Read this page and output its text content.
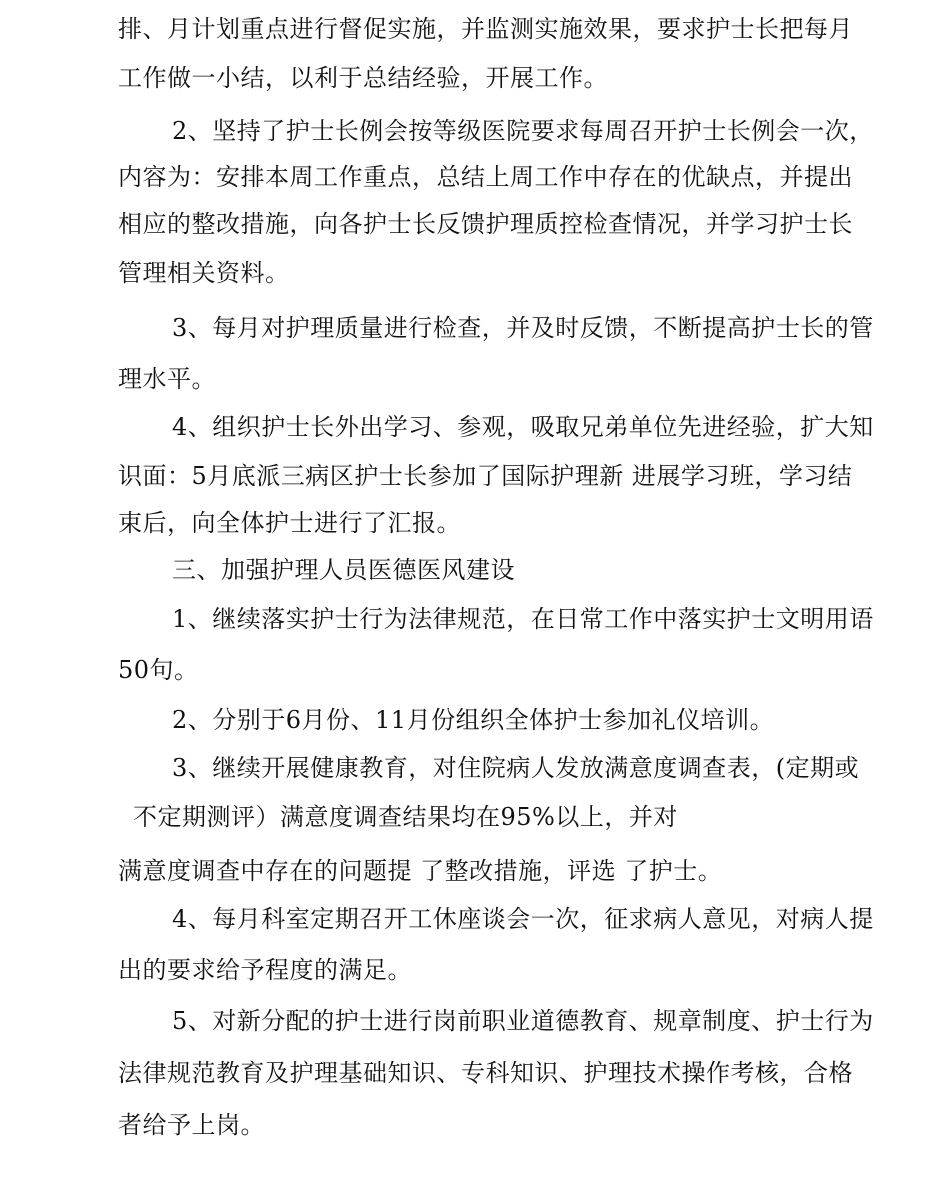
排、月计划重点进行督促实施，并监测实施效果，要求护士长把每月
工作做一小结，以利于总结经验，开展工作。
2、坚持了护士长例会按等级医院要求每周召开护士长例会一次，
内容为：安排本周工作重点，总结上周工作中存在的优缺点，并提出
相应的整改措施，向各护士长反馈护理质控检查情况，并学习护士长
管理相关资料。
3、每月对护理质量进行检查，并及时反馈，不断提高护士长的管
理水平。
4、组织护士长外出学习、参观，吸取兄弟单位先进经验，扩大知
识面：5月底派三病区护士长参加了国际护理新 进展学习班，学习结
束后，向全体护士进行了汇报。
三、加强护理人员医德医风建设
1、继续落实护士行为法律规范，在日常工作中落实护士文明用语
50句。
2、分别于6月份、11月份组织全体护士参加礼仪培训。
3、继续开展健康教育，对住院病人发放满意度调查表，(定期或
不定期测评）满意度调查结果均在95%以上，并对
满意度调查中存在的问题提 了整改措施，评选 了护士。
4、每月科室定期召开工休座谈会一次，征求病人意见，对病人提
出的要求给予程度的满足。
5、对新分配的护士进行岗前职业道德教育、规章制度、护士行为
法律规范教育及护理基础知识、专科知识、护理技术操作考核，合格
者给予上岗。
